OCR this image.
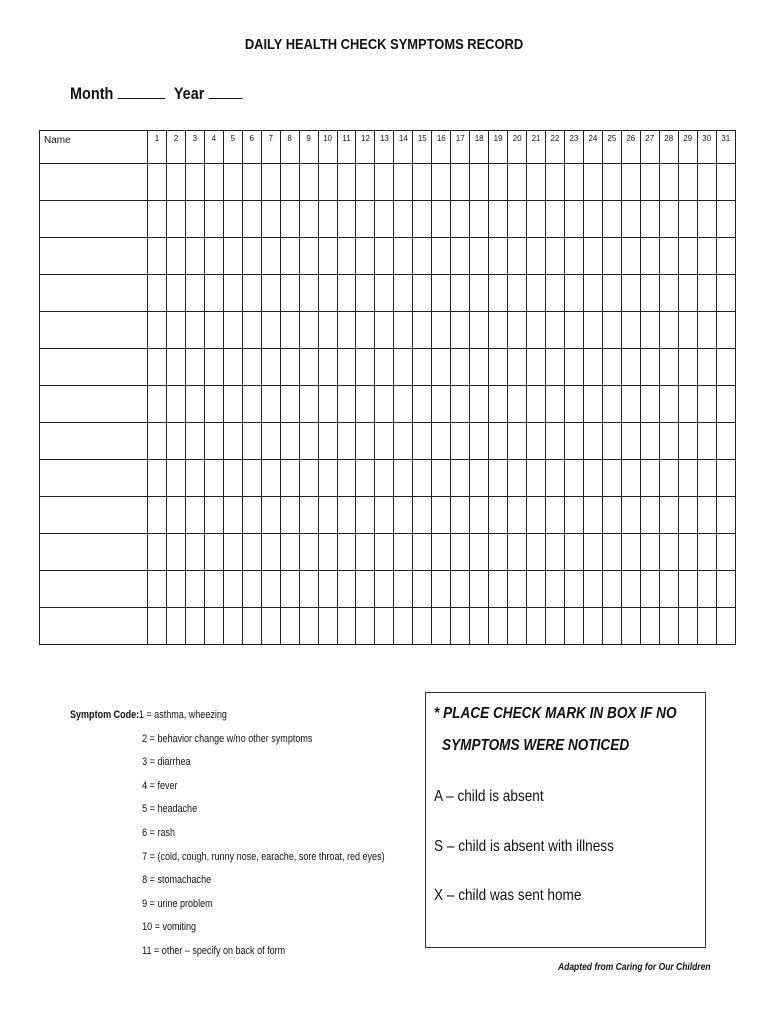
DAILY HEALTH CHECK SYMPTOMS RECORD
Month	Year
Name	1	2	3	4	5	6	7	8	9	10	11	12	13	14	15	16	17	18	19	20	21	22	23	24	25	26	27	28	29	30	31

Symptom Code:1 = asthma, wheezing
2 = behavior change w/no other symptoms
3 = diarrhea
4 = fever
5 = headache
6 = rash
7 = (cold, cough, runny nose, earache, sore throat, red eyes)
8 = stomachache
9 = urine problem
10 = vomiting
11 = other – specify on back of form
* PLACE CHECK MARK IN BOX IF NO
SYMPTOMS WERE NOTICED
A – child is absent
S – child is absent with illness
X – child was sent home
Adapted from Caring for Our Children
